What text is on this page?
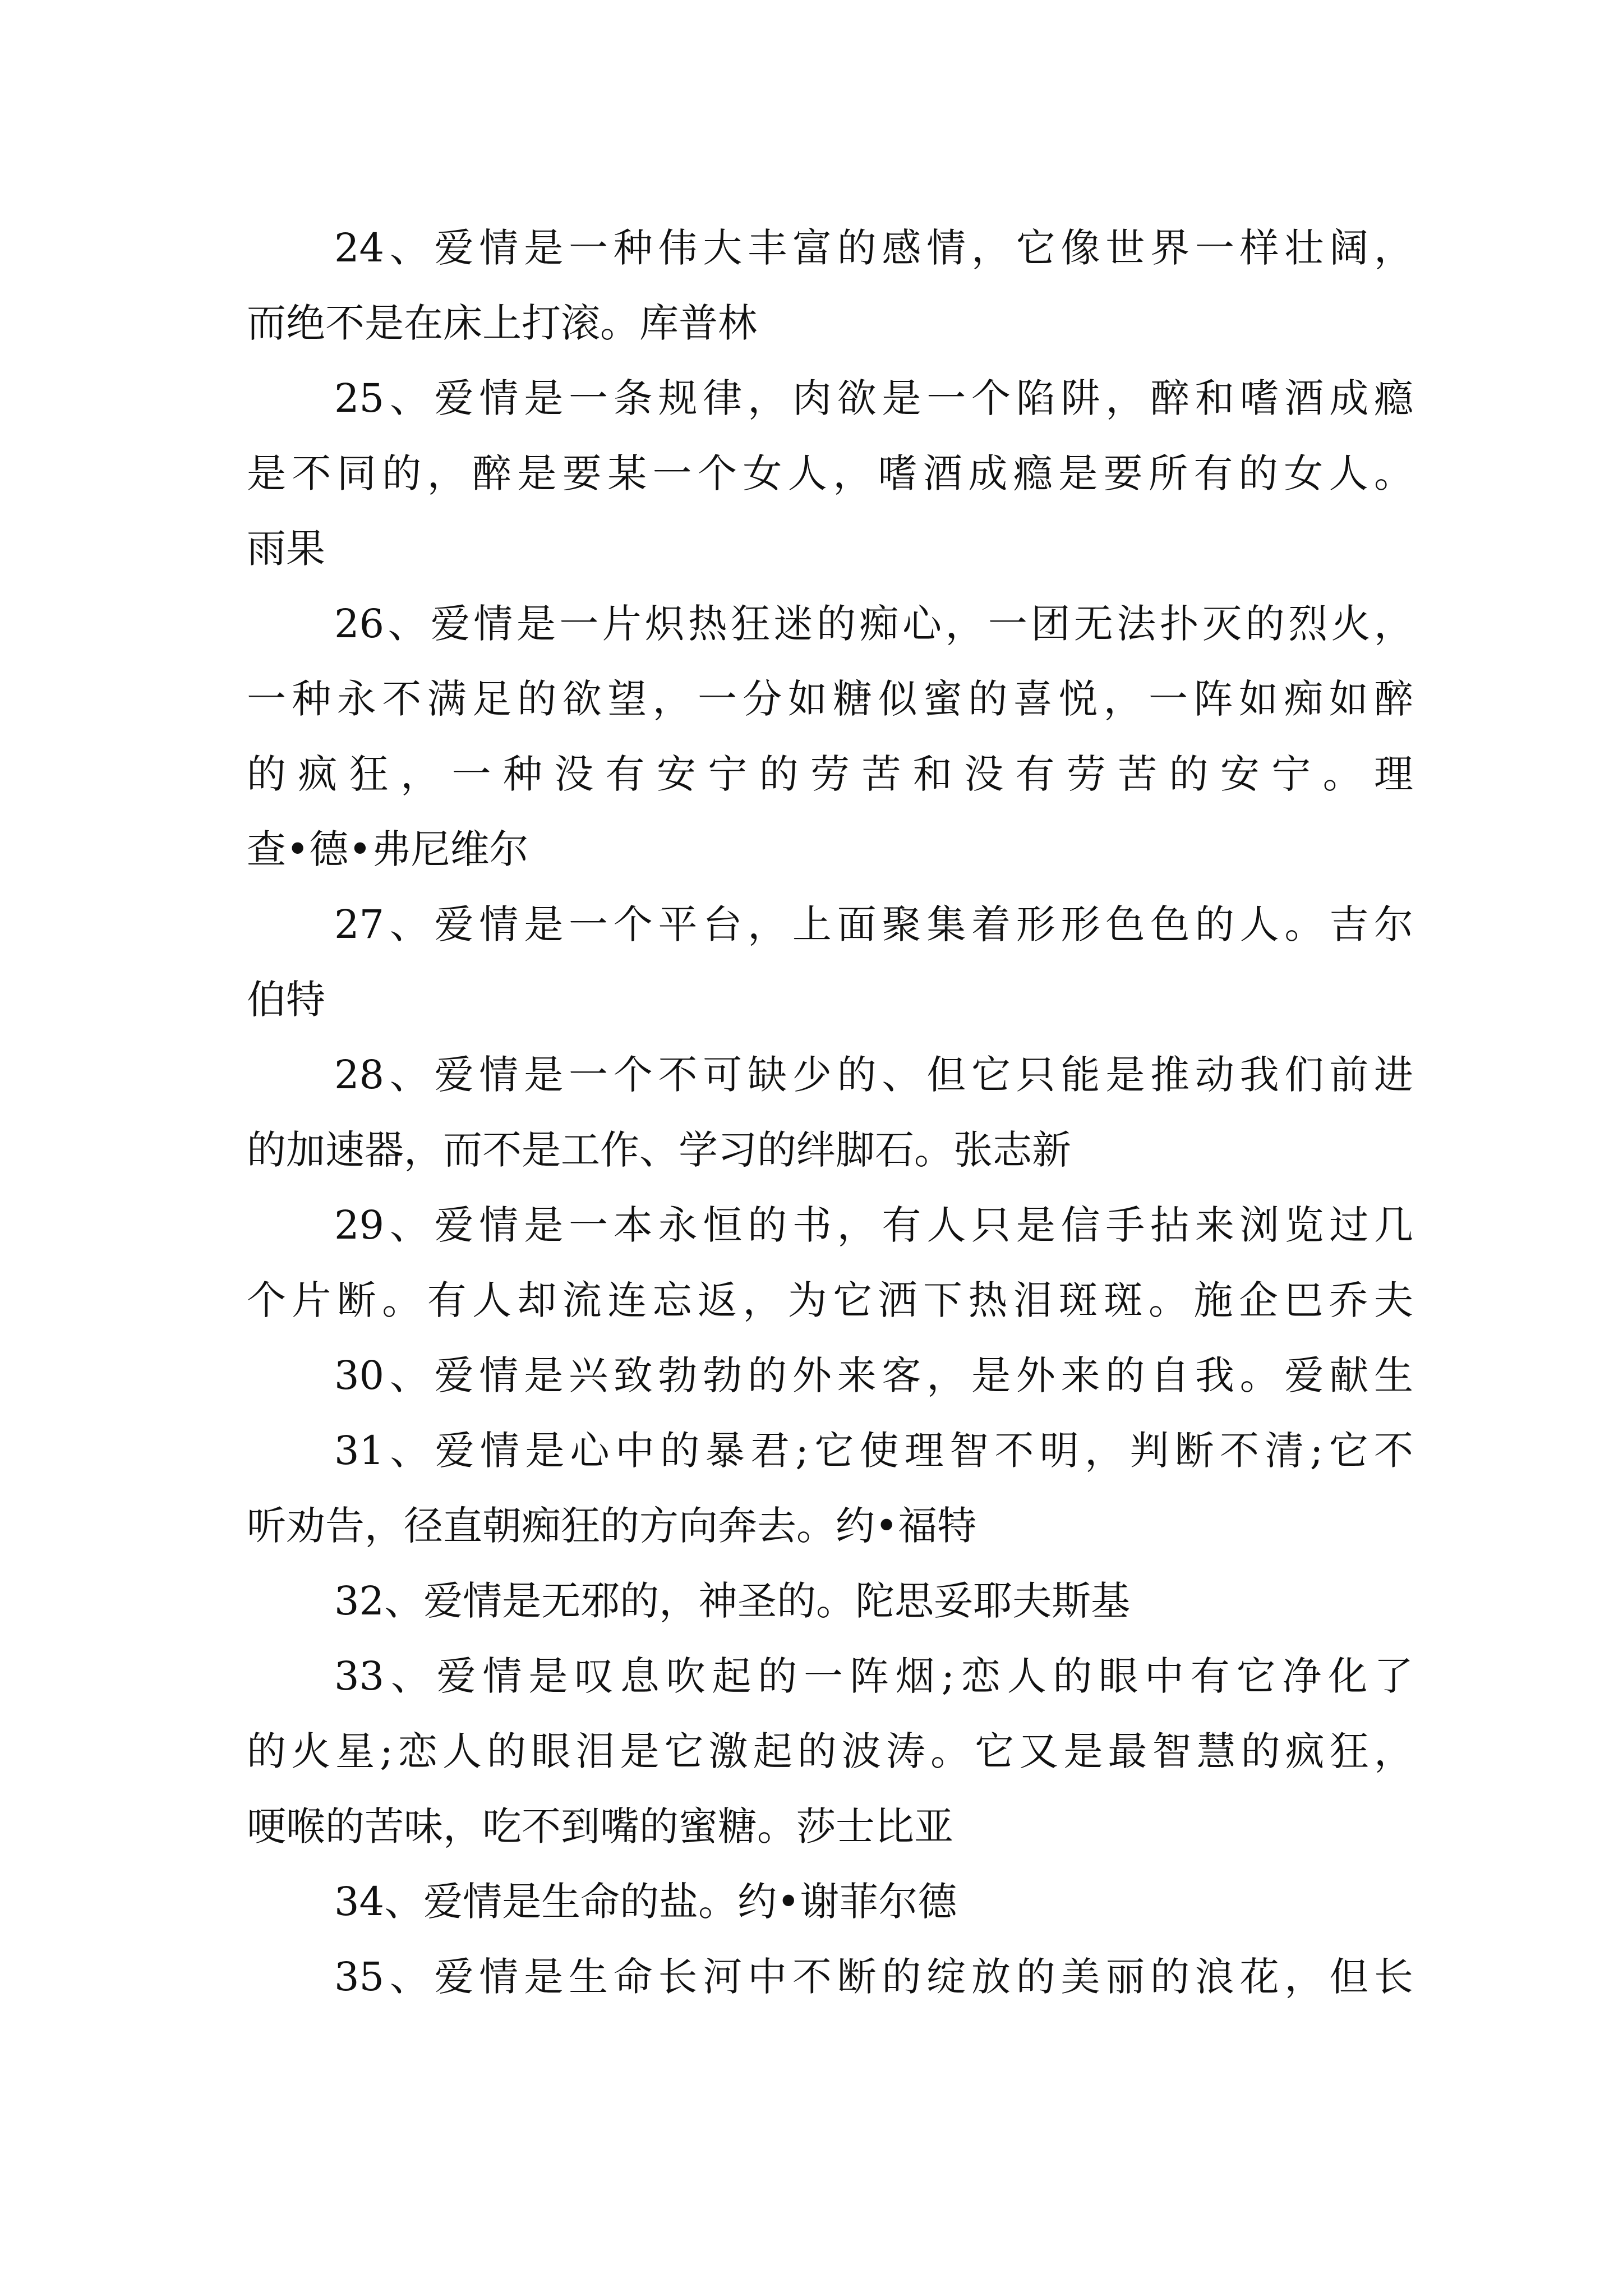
24、爱情是一种伟大丰富的感情，它像世界一样壮阔，
而绝不是在床上打滚。库普林

25、爱情是一条规律，肉欲是一个陷阱，醉和嗜酒成瘾
是不同的，醉是要某一个女人，嗜酒成瘾是要所有的女人。
雨果

26、爱情是一片炽热狂迷的痴心，一团无法扑灭的烈火，
一种永不满足的欲望，一分如糖似蜜的喜悦，一阵如痴如醉
的疯狂，一种没有安宁的劳苦和没有劳苦的安宁。理
查•德•弗尼维尔

27、爱情是一个平台，上面聚集着形形色色的人。吉尔
伯特

28、爱情是一个不可缺少的、但它只能是推动我们前进
的加速器，而不是工作、学习的绊脚石。张志新

29、爱情是一本永恒的书，有人只是信手拈来浏览过几
个片断。有人却流连忘返，为它洒下热泪斑斑。施企巴乔夫

30、爱情是兴致勃勃的外来客，是外来的自我。爱献生

31、爱情是心中的暴君;它使理智不明，判断不清;它不
听劝告，径直朝痴狂的方向奔去。约•福特

32、爱情是无邪的，神圣的。陀思妥耶夫斯基

33、爱情是叹息吹起的一阵烟;恋人的眼中有它净化了
的火星;恋人的眼泪是它激起的波涛。它又是最智慧的疯狂，
哽喉的苦味，吃不到嘴的蜜糖。莎士比亚

34、爱情是生命的盐。约•谢菲尔德

35、爱情是生命长河中不断的绽放的美丽的浪花，但长
